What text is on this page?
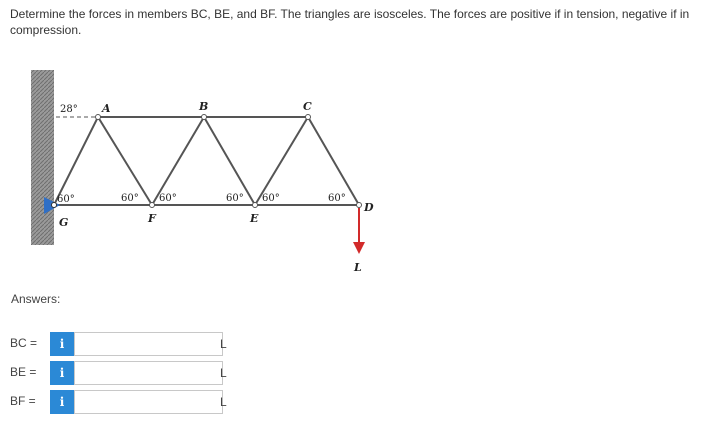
Determine the forces in members BC, BE, and BF. The triangles are isosceles. The forces are positive if in tension, negative if in compression.
A	B	C
D
E
F
G
L
28°
60°	60° 60°	60° 60°	60°
Answers:
BC =	i	L
BE =	i	L
BF =	i	L
